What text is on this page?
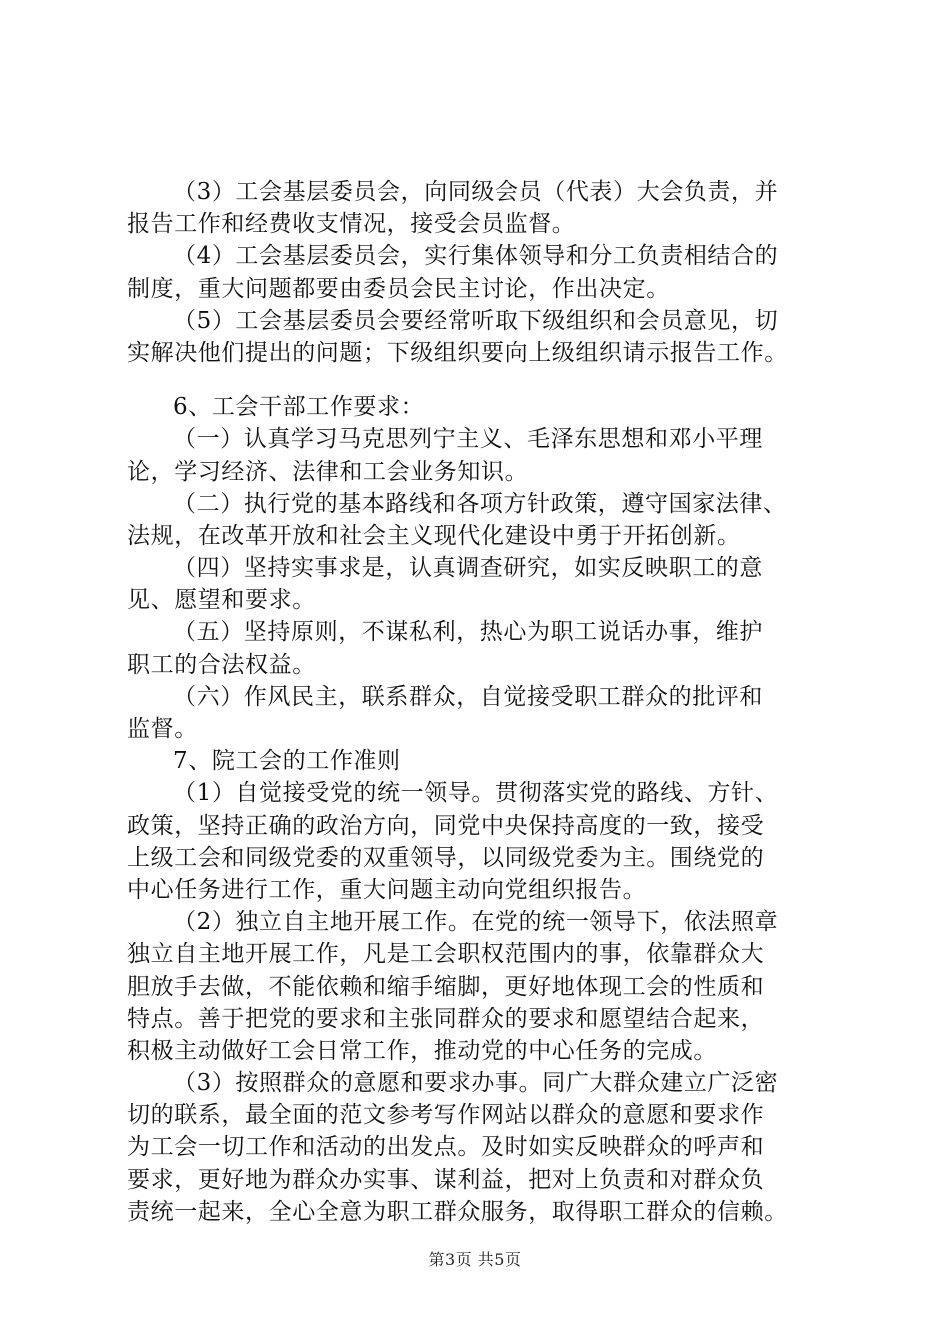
（3）工会基层委员会，向同级会员（代表）大会负责，并
报告工作和经费收支情况，接受会员监督。
（4）工会基层委员会，实行集体领导和分工负责相结合的
制度，重大问题都要由委员会民主讨论，作出决定。
（5）工会基层委员会要经常听取下级组织和会员意见，切
实解决他们提出的问题；下级组织要向上级组织请示报告工作。
6、工会干部工作要求：
（一）认真学习马克思列宁主义、毛泽东思想和邓小平理
论，学习经济、法律和工会业务知识。
（二）执行党的基本路线和各项方针政策，遵守国家法律、
法规，在改革开放和社会主义现代化建设中勇于开拓创新。
（四）坚持实事求是，认真调查研究，如实反映职工的意
见、愿望和要求。
（五）坚持原则，不谋私利，热心为职工说话办事，维护
职工的合法权益。
（六）作风民主，联系群众，自觉接受职工群众的批评和
监督。
7、院工会的工作准则
（1）自觉接受党的统一领导。贯彻落实党的路线、方针、
政策，坚持正确的政治方向，同党中央保持高度的一致，接受
上级工会和同级党委的双重领导，以同级党委为主。围绕党的
中心任务进行工作，重大问题主动向党组织报告。
（2）独立自主地开展工作。在党的统一领导下，依法照章
独立自主地开展工作，凡是工会职权范围内的事，依靠群众大
胆放手去做，不能依赖和缩手缩脚，更好地体现工会的性质和
特点。善于把党的要求和主张同群众的要求和愿望结合起来，
积极主动做好工会日常工作，推动党的中心任务的完成。
（3）按照群众的意愿和要求办事。同广大群众建立广泛密
切的联系，最全面的范文参考写作网站以群众的意愿和要求作
为工会一切工作和活动的出发点。及时如实反映群众的呼声和
要求，更好地为群众办实事、谋利益，把对上负责和对群众负
责统一起来，全心全意为职工群众服务，取得职工群众的信赖。
第3页 共5页
